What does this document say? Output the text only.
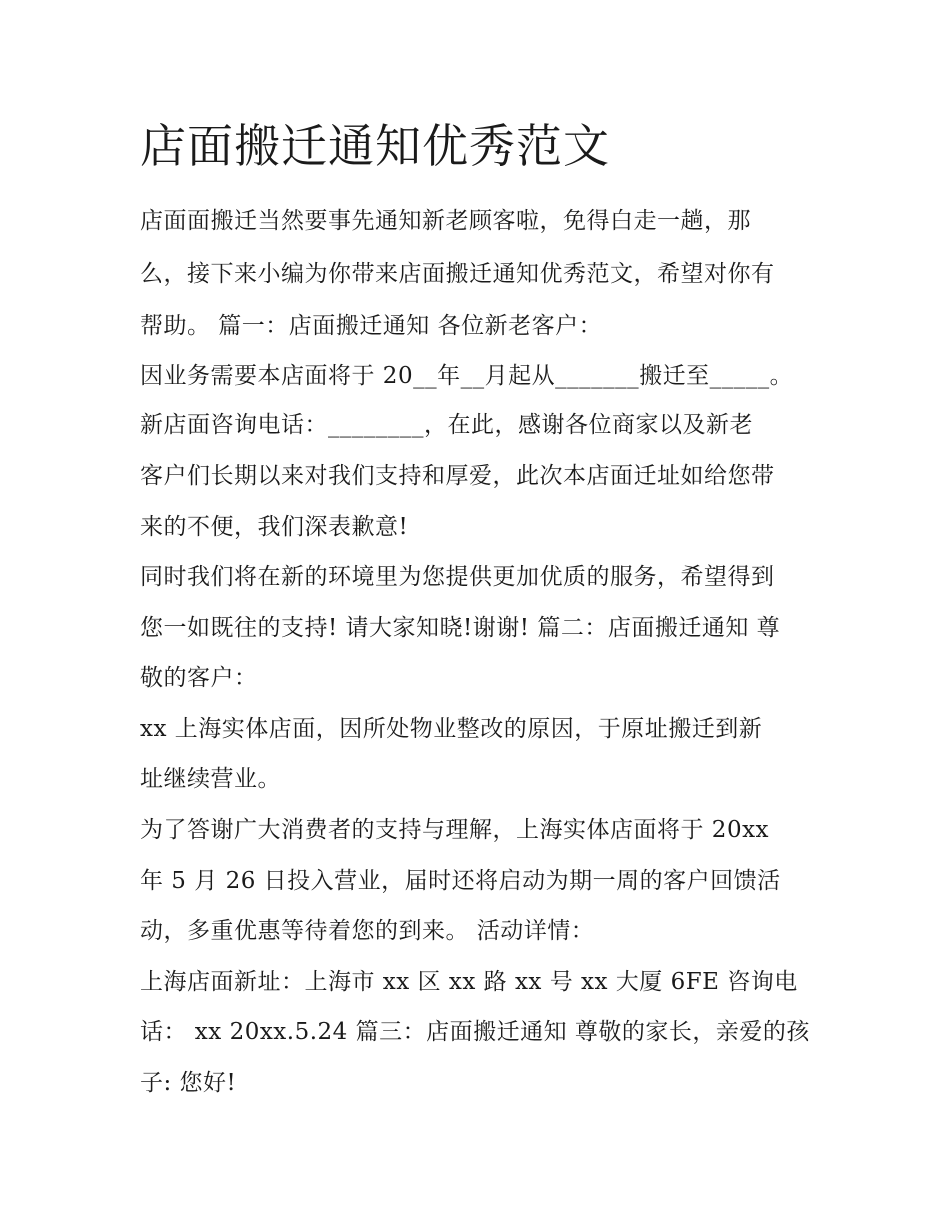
店面搬迁通知优秀范文
店面面搬迁当然要事先通知新老顾客啦，免得白走一趟，那
么，接下来小编为你带来店面搬迁通知优秀范文，希望对你有
帮助。 篇一：店面搬迁通知 各位新老客户：
因业务需要本店面将于 20__年__月起从_______搬迁至_____。
新店面咨询电话：________，在此，感谢各位商家以及新老
客户们长期以来对我们支持和厚爱，此次本店面迁址如给您带
来的不便，我们深表歉意!
同时我们将在新的环境里为您提供更加优质的服务，希望得到
您一如既往的支持! 请大家知晓!谢谢! 篇二：店面搬迁通知 尊
敬的客户：
xx 上海实体店面，因所处物业整改的原因，于原址搬迁到新
址继续营业。
为了答谢广大消费者的支持与理解，上海实体店面将于 20xx
年 5 月 26 日投入营业，届时还将启动为期一周的客户回馈活
动，多重优惠等待着您的到来。 活动详情：
上海店面新址：上海市 xx 区 xx 路 xx 号 xx 大厦 6FE 咨询电
话： xx 20xx.5.24 篇三：店面搬迁通知 尊敬的家长，亲爱的孩
子: 您好!
